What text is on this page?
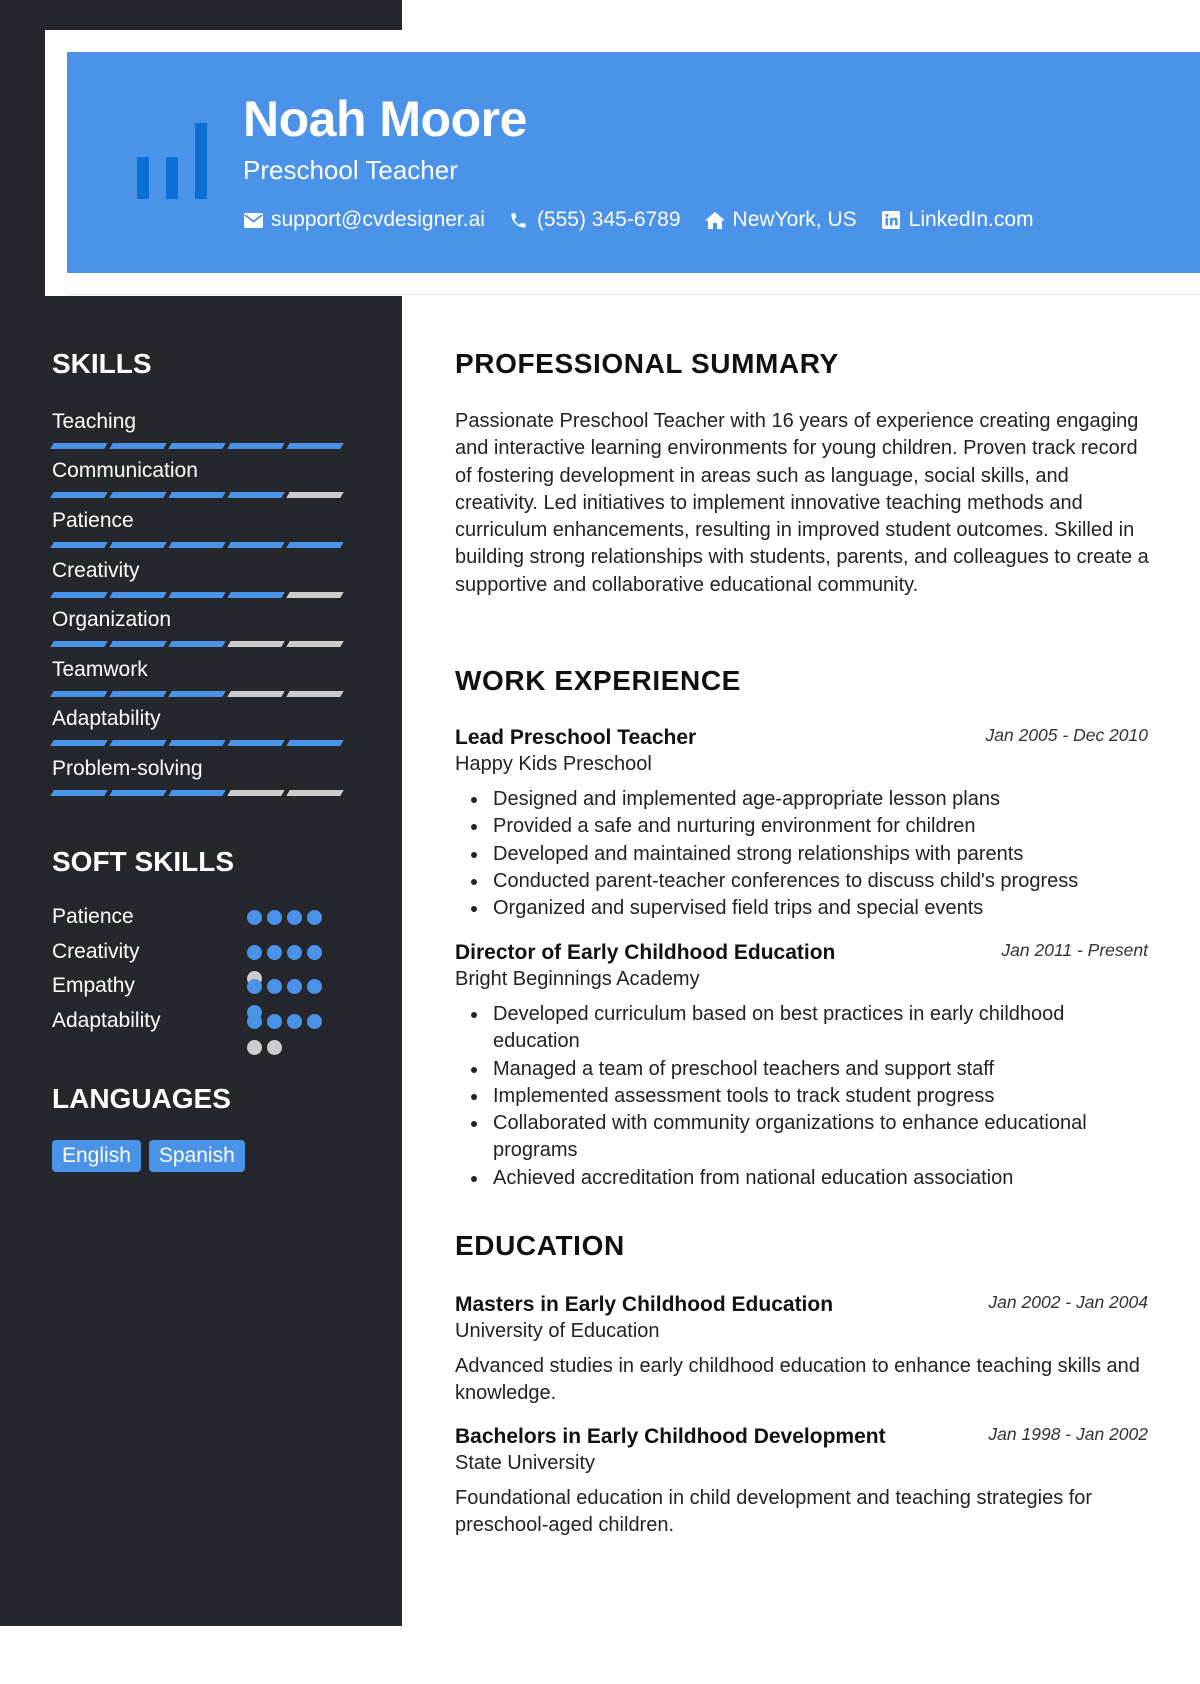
Noah Moore
Preschool Teacher
support@cvdesigner.ai (555) 345-6789 NewYork, US LinkedIn.com
SKILLS
Teaching
Communication
Patience
Creativity
Organization
Teamwork
Adaptability
Problem-solving
SOFT SKILLS
Patience
Creativity
Empathy
Adaptability
LANGUAGES
English	Spanish
PROFESSIONAL SUMMARY
Passionate Preschool Teacher with 16 years of experience creating engaging and interactive learning environments for young children. Proven track record of fostering development in areas such as language, social skills, and creativity. Led initiatives to implement innovative teaching methods and curriculum enhancements, resulting in improved student outcomes. Skilled in building strong relationships with students, parents, and colleagues to create a supportive and collaborative educational community.
WORK EXPERIENCE
Lead Preschool Teacher	Jan 2005 - Dec 2010
Happy Kids Preschool
Designed and implemented age-appropriate lesson plans
Provided a safe and nurturing environment for children
Developed and maintained strong relationships with parents
Conducted parent-teacher conferences to discuss child's progress
Organized and supervised field trips and special events
Director of Early Childhood Education	Jan 2011 - Present
Bright Beginnings Academy
Developed curriculum based on best practices in early childhood education
Managed a team of preschool teachers and support staff
Implemented assessment tools to track student progress
Collaborated with community organizations to enhance educational programs
Achieved accreditation from national education association
EDUCATION
Masters in Early Childhood Education	Jan 2002 - Jan 2004
University of Education
Advanced studies in early childhood education to enhance teaching skills and knowledge.
Bachelors in Early Childhood Development	Jan 1998 - Jan 2002
State University
Foundational education in child development and teaching strategies for preschool-aged children.
